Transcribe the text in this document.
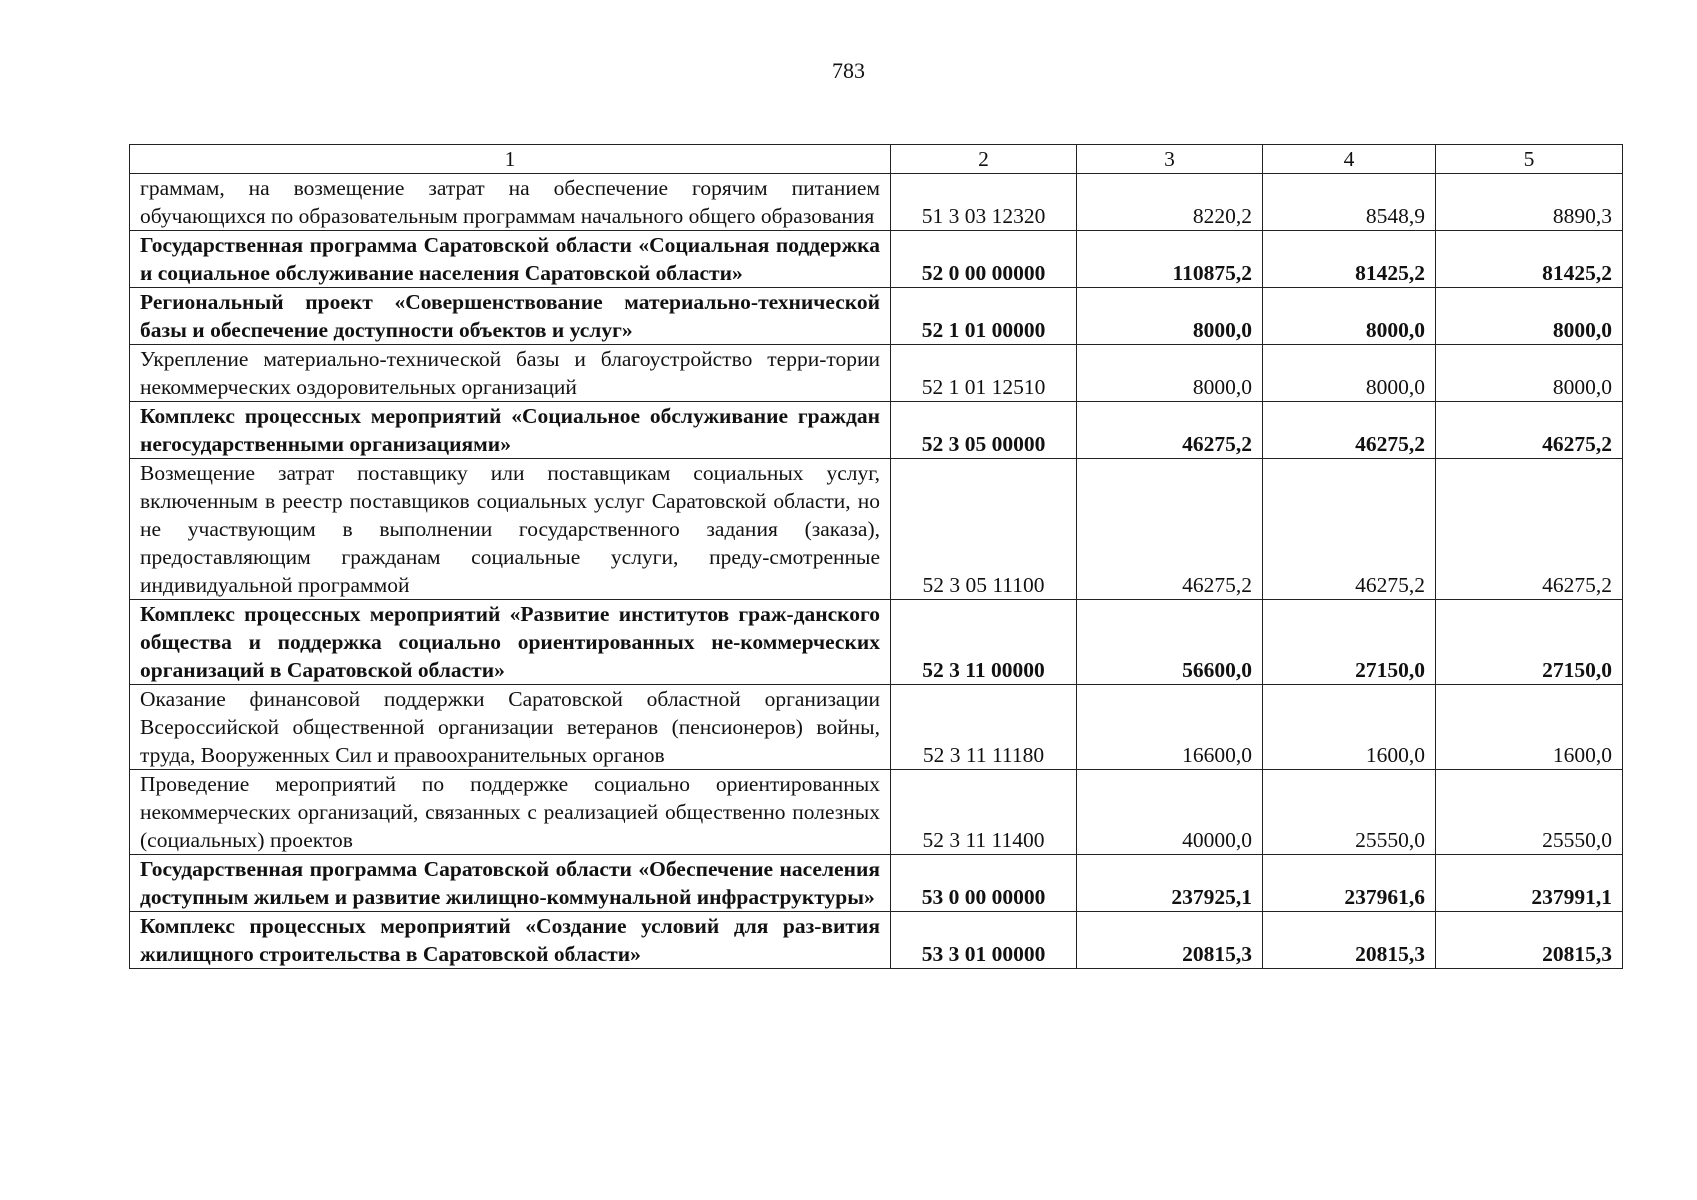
783
1	2	3	4	5
граммам, на возмещение затрат на обеспечение горячим питанием обучающихся по образовательным программам начального общего образования	51 3 03 12320	8220,2	8548,9	8890,3
Государственная программа Саратовской области «Социальная поддержка и социальное обслуживание населения Саратовской области»	52 0 00 00000	110875,2	81425,2	81425,2
Региональный проект «Совершенствование материально-технической базы и обеспечение доступности объектов и услуг»	52 1 01 00000	8000,0	8000,0	8000,0
Укрепление материально-технической базы и благоустройство терри-тории некоммерческих оздоровительных организаций	52 1 01 12510	8000,0	8000,0	8000,0
Комплекс процессных мероприятий «Социальное обслуживание граждан негосударственными организациями»	52 3 05 00000	46275,2	46275,2	46275,2
Возмещение затрат поставщику или поставщикам социальных услуг, включенным в реестр поставщиков социальных услуг Саратовской области, но не участвующим в выполнении государственного задания (заказа), предоставляющим гражданам социальные услуги, преду-смотренные индивидуальной программой	52 3 05 11100	46275,2	46275,2	46275,2
Комплекс процессных мероприятий «Развитие институтов граж-данского общества и поддержка социально ориентированных не-коммерческих организаций в Саратовской области»	52 3 11 00000	56600,0	27150,0	27150,0
Оказание финансовой поддержки Саратовской областной организации Всероссийской общественной организации ветеранов (пенсионеров) войны, труда, Вооруженных Сил и правоохранительных органов	52 3 11 11180	16600,0	1600,0	1600,0
Проведение мероприятий по поддержке социально ориентированных некоммерческих организаций, связанных с реализацией общественно полезных (социальных) проектов	52 3 11 11400	40000,0	25550,0	25550,0
Государственная программа Саратовской области «Обеспечение населения доступным жильем и развитие жилищно-коммунальной инфраструктуры»	53 0 00 00000	237925,1	237961,6	237991,1
Комплекс процессных мероприятий «Создание условий для раз-вития жилищного строительства в Саратовской области»	53 3 01 00000	20815,3	20815,3	20815,3
